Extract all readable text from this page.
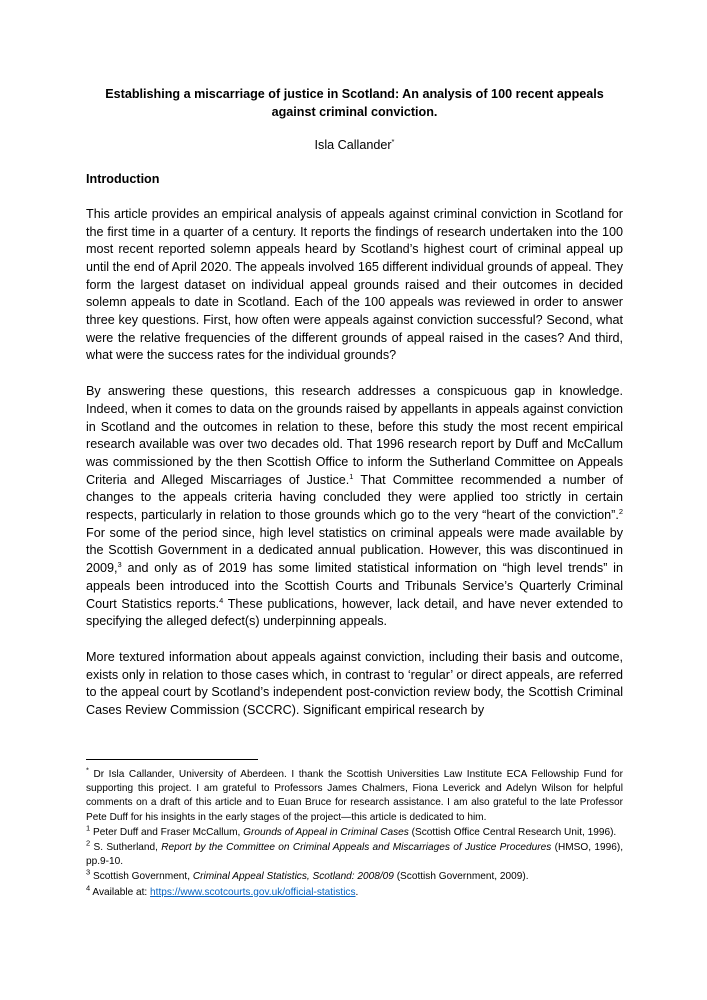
Establishing a miscarriage of justice in Scotland: An analysis of 100 recent appeals against criminal conviction.

Isla Callander*

Introduction

This article provides an empirical analysis of appeals against criminal conviction in Scotland for the first time in a quarter of a century. It reports the findings of research undertaken into the 100 most recent reported solemn appeals heard by Scotland’s highest court of criminal appeal up until the end of April 2020. The appeals involved 165 different individual grounds of appeal. They form the largest dataset on individual appeal grounds raised and their outcomes in decided solemn appeals to date in Scotland. Each of the 100 appeals was reviewed in order to answer three key questions. First, how often were appeals against conviction successful? Second, what were the relative frequencies of the different grounds of appeal raised in the cases? And third, what were the success rates for the individual grounds?

By answering these questions, this research addresses a conspicuous gap in knowledge. Indeed, when it comes to data on the grounds raised by appellants in appeals against conviction in Scotland and the outcomes in relation to these, before this study the most recent empirical research available was over two decades old. That 1996 research report by Duff and McCallum was commissioned by the then Scottish Office to inform the Sutherland Committee on Appeals Criteria and Alleged Miscarriages of Justice.$^1$ That Committee recommended a number of changes to the appeals criteria having concluded they were applied too strictly in certain respects, particularly in relation to those grounds which go to the very “heart of the conviction”.$^2$ For some of the period since, high level statistics on criminal appeals were made available by the Scottish Government in a dedicated annual publication. However, this was discontinued in 2009,$^3$ and only as of 2019 has some limited statistical information on “high level trends” in appeals been introduced into the Scottish Courts and Tribunals Service’s Quarterly Criminal Court Statistics reports.$^4$ These publications, however, lack detail, and have never extended to specifying the alleged defect(s) underpinning appeals.

More textured information about appeals against conviction, including their basis and outcome, exists only in relation to those cases which, in contrast to ‘regular’ or direct appeals, are referred to the appeal court by Scotland’s independent post-conviction review body, the Scottish Criminal Cases Review Commission (SCCRC). Significant empirical research by

* Dr Isla Callander, University of Aberdeen. I thank the Scottish Universities Law Institute ECA Fellowship Fund for supporting this project. I am grateful to Professors James Chalmers, Fiona Leverick and Adelyn Wilson for helpful comments on a draft of this article and to Euan Bruce for research assistance. I am also grateful to the late Professor Pete Duff for his insights in the early stages of the project—this article is dedicated to him.

$^1$ Peter Duff and Fraser McCallum, Grounds of Appeal in Criminal Cases (Scottish Office Central Research Unit, 1996).

$^2$ S. Sutherland, Report by the Committee on Criminal Appeals and Miscarriages of Justice Procedures (HMSO, 1996), pp.9-10.

$^3$ Scottish Government, Criminal Appeal Statistics, Scotland: 2008/09 (Scottish Government, 2009).

$^4$ Available at: https://www.scotcourts.gov.uk/official-statistics.
